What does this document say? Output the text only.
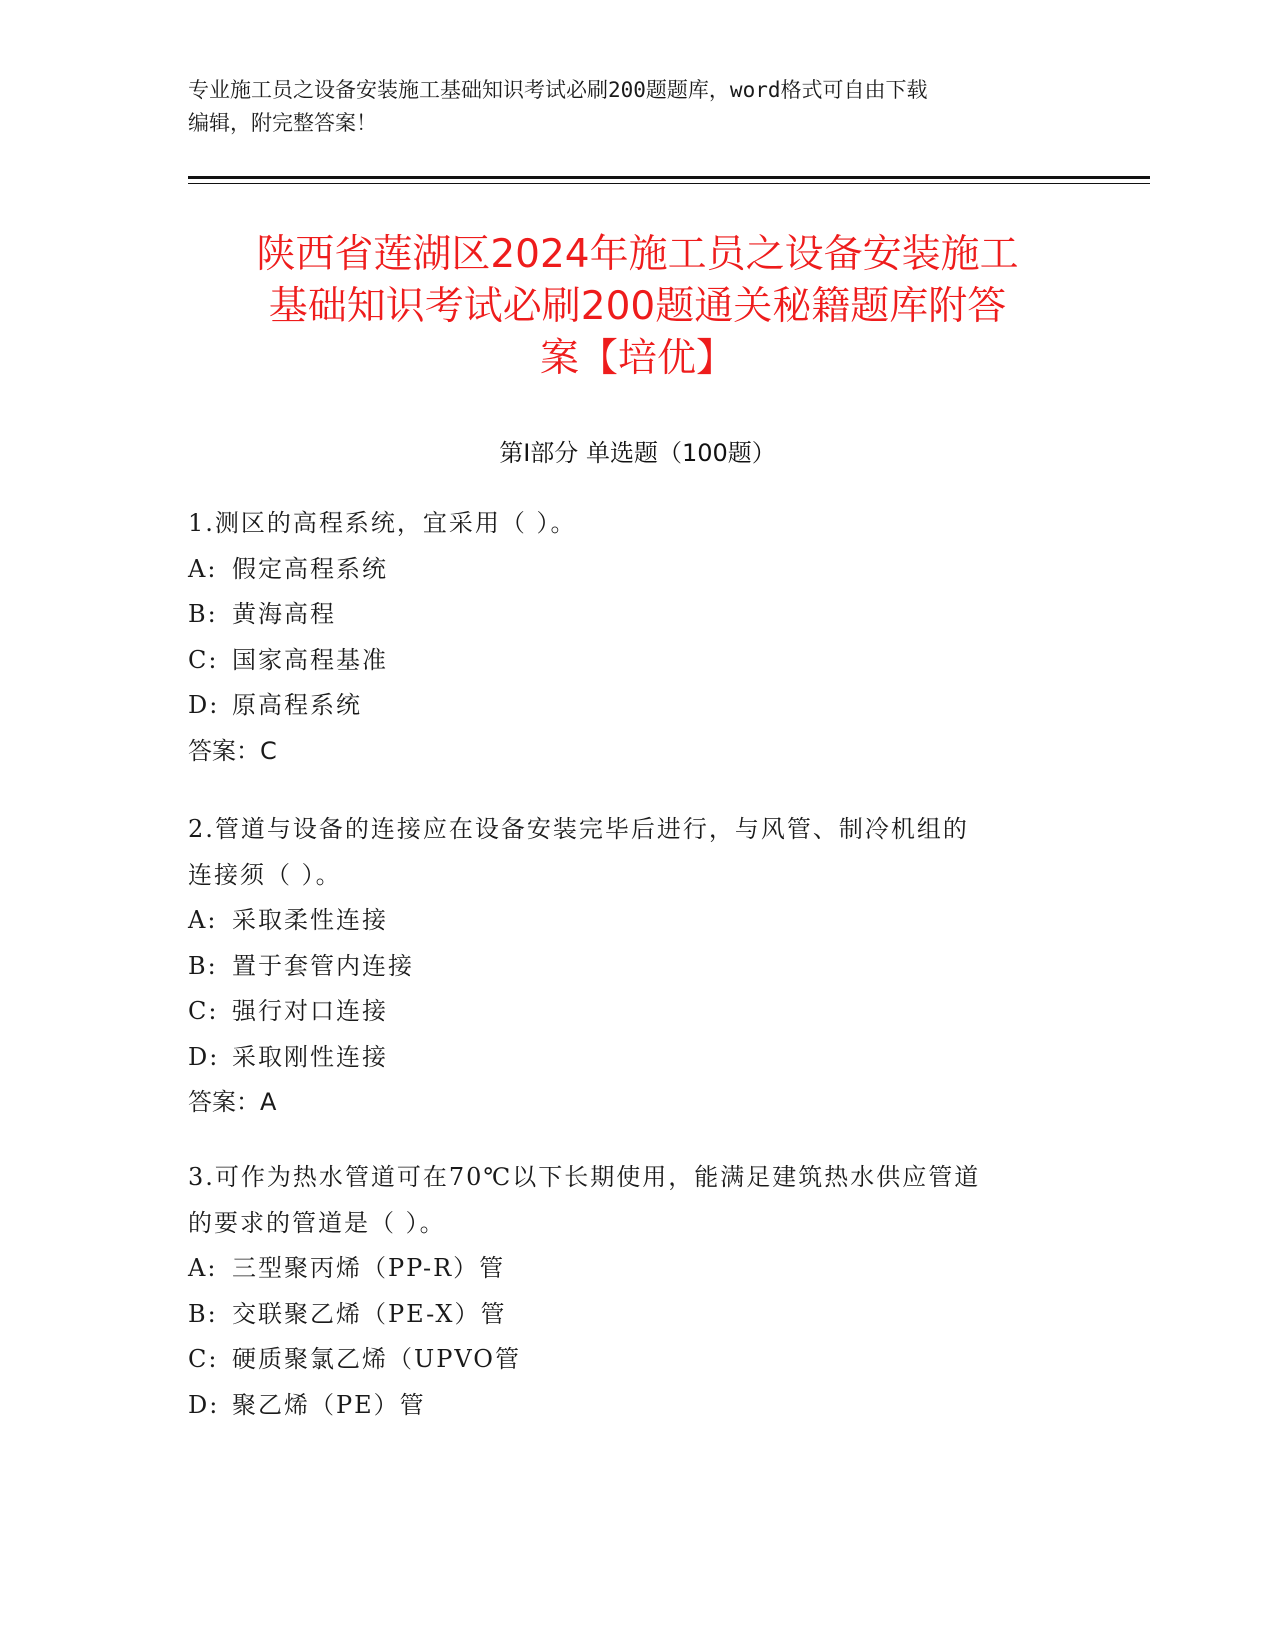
专业施工员之设备安装施工基础知识考试必刷200题题库，word格式可自由下载
编辑，附完整答案！
陕西省莲湖区2024年施工员之设备安装施工
基础知识考试必刷200题通关秘籍题库附答
案【培优】
第Ⅰ部分 单选题（100题）
1.测区的高程系统，宜采用（ ）。
A: 假定高程系统
B: 黄海高程
C: 国家高程基准
D: 原高程系统
答案：C
2.管道与设备的连接应在设备安装完毕后进行，与风管、制冷机组的
连接须（ ）。
A: 采取柔性连接
B: 置于套管内连接
C: 强行对口连接
D: 采取刚性连接
答案：A
3.可作为热水管道可在70℃以下长期使用，能满足建筑热水供应管道
的要求的管道是（ ）。
A: 三型聚丙烯（PP-R）管
B: 交联聚乙烯（PE-X）管
C: 硬质聚氯乙烯（UPVO管
D: 聚乙烯（PE）管
